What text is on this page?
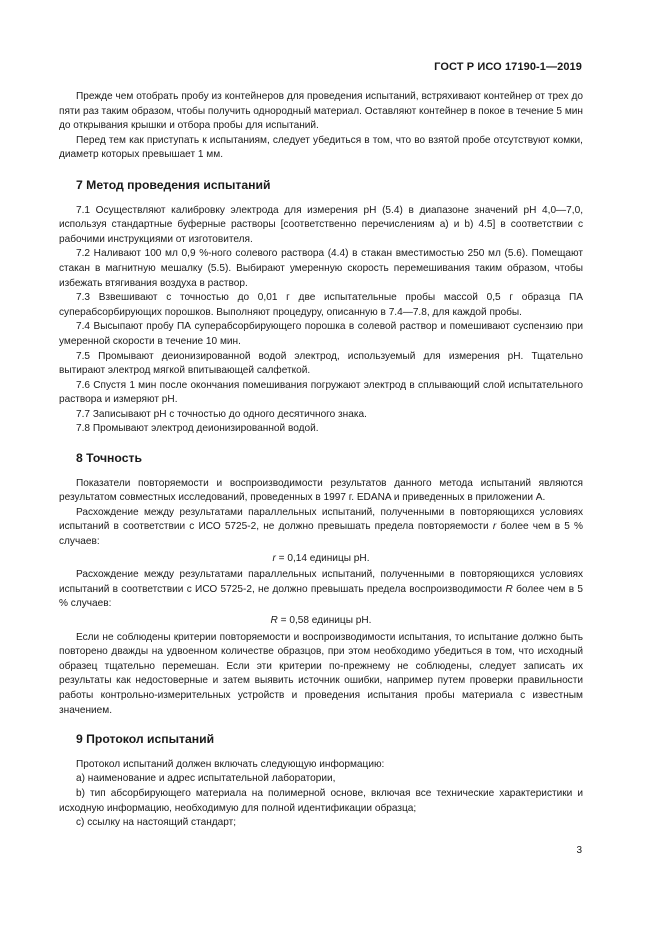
ГОСТ Р ИСО 17190-1—2019

Прежде чем отобрать пробу из контейнеров для проведения испытаний, встряхивают контейнер от трех до пяти раз таким образом, чтобы получить однородный материал. Оставляют контейнер в покое в течение 5 мин до открывания крышки и отбора пробы для испытаний.

Перед тем как приступать к испытаниям, следует убедиться в том, что во взятой пробе отсутствуют комки, диаметр которых превышает 1 мм.

7 Метод проведения испытаний

7.1 Осуществляют калибровку электрода для измерения pH (5.4) в диапазоне значений pH 4,0—7,0, используя стандартные буферные растворы [соответственно перечислениям а) и b) 4.5] в соответствии с рабочими инструкциями от изготовителя.

7.2 Наливают 100 мл 0,9 %-ного солевого раствора (4.4) в стакан вместимостью 250 мл (5.6). Помещают стакан в магнитную мешалку (5.5). Выбирают умеренную скорость перемешивания таким образом, чтобы избежать втягивания воздуха в раствор.

7.3 Взвешивают с точностью до 0,01 г две испытательные пробы массой 0,5 г образца ПА суперабсорбирующих порошков. Выполняют процедуру, описанную в 7.4—7.8, для каждой пробы.

7.4 Высыпают пробу ПА суперабсорбирующего порошка в солевой раствор и помешивают суспензию при умеренной скорости в течение 10 мин.

7.5 Промывают деионизированной водой электрод, используемый для измерения pH. Тщательно вытирают электрод мягкой впитывающей салфеткой.

7.6 Спустя 1 мин после окончания помешивания погружают электрод в сплывающий слой испытательного раствора и измеряют pH.

7.7 Записывают pH с точностью до одного десятичного знака.

7.8 Промывают электрод деионизированной водой.

8 Точность

Показатели повторяемости и воспроизводимости результатов данного метода испытаний являются результатом совместных исследований, проведенных в 1997 г. EDANA и приведенных в приложении А.

Расхождение между результатами параллельных испытаний, полученными в повторяющихся условиях испытаний в соответствии с ИСО 5725-2, не должно превышать предела повторяемости r более чем в 5 % случаев:

r = 0,14 единицы pH.

Расхождение между результатами параллельных испытаний, полученными в повторяющихся условиях испытаний в соответствии с ИСО 5725-2, не должно превышать предела воспроизводимости R более чем в 5 % случаев:

R = 0,58 единицы pH.

Если не соблюдены критерии повторяемости и воспроизводимости испытания, то испытание должно быть повторено дважды на удвоенном количестве образцов, при этом необходимо убедиться в том, что исходный образец тщательно перемешан. Если эти критерии по-прежнему не соблюдены, следует записать их результаты как недостоверные и затем выявить источник ошибки, например путем проверки правильности работы контрольно-измерительных устройств и проведения испытания пробы материала с известным значением.

9 Протокол испытаний

Протокол испытаний должен включать следующую информацию:

a) наименование и адрес испытательной лаборатории,

b) тип абсорбирующего материала на полимерной основе, включая все технические характеристики и исходную информацию, необходимую для полной идентификации образца;

c) ссылку на настоящий стандарт;

3
